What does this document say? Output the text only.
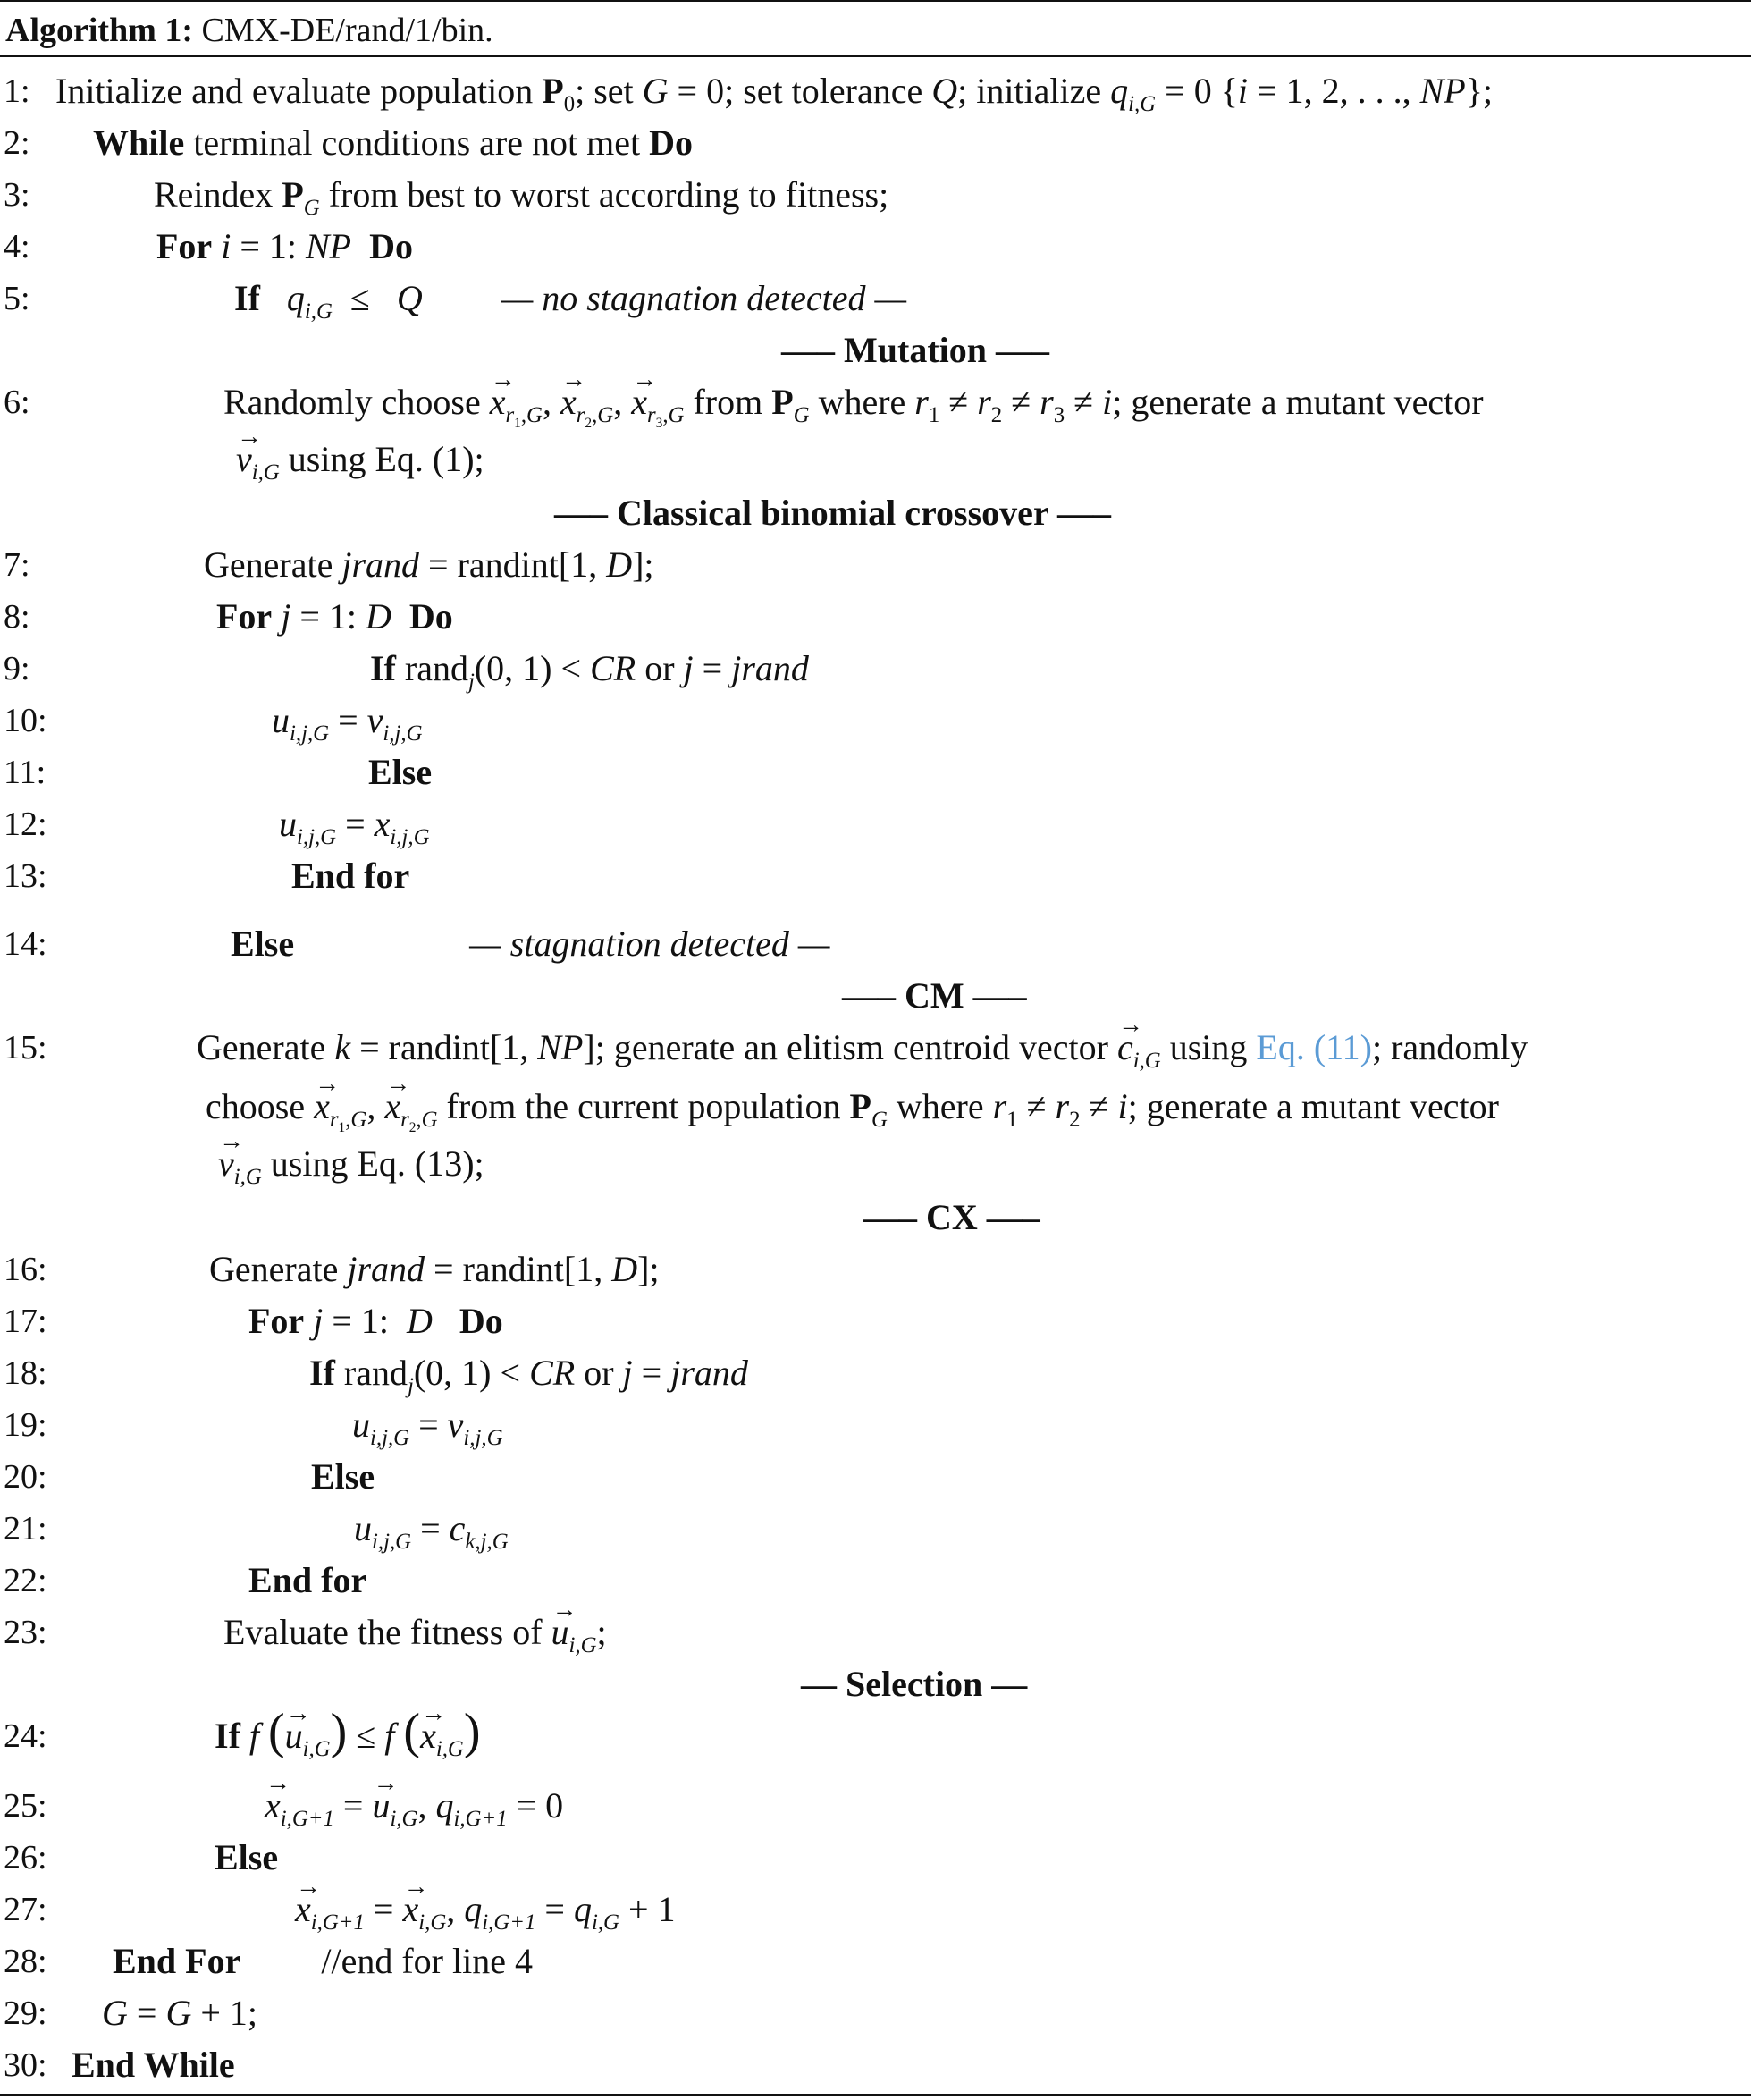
Algorithm 1: CMX-DE/rand/1/bin.
1:
2:
3:
4:
5:
6:
7:
8:
9:
10:
11:
12:
13:
14:
15:
16:
17:
18:
19:
20:
21:
22:
23:
24:
25:
26:
27:
28:
29:
30:
Initialize and evaluate population $P_0$; set G = 0; set tolerance Q; initialize $q_{i,G} = 0$ {i = 1, 2, . . ., NP};
While terminal conditions are not met Do
Reindex $P_G$ from best to worst according to fitness;
For i = 1: NP Do
If $q_{i,G} \le Q$ — no stagnation detected —
—– Mutation —–
Randomly choose → $x_{r_1,G}$, → $x_{r_2,G}$, → $x_{r_3,G}$ from $P_G$ where $r_1 \ne r_2 \ne r_3 \ne i$; generate a mutant vector
→ $v_{i,G}$ using Eq. (1);
—– Classical binomial crossover —–
Generate jrand = randint[1, D];
For j = 1: D Do
If rand$_j$(0, 1) < CR or j = jrand
$u_{i,j,G} = v_{i,j,G}$
Else
$u_{i,j,G} = x_{i,j,G}$
End for
Else	— stagnation detected —
—– CM —–
Generate k = randint[1, NP]; generate an elitism centroid vector → $c_{i,G}$ using Eq. (11); randomly
choose → $x_{r_1,G}$, → $x_{r_2,G}$ from the current population $P_G$ where $r_1 \ne r_2 \ne i$; generate a mutant vector
→ $v_{i,G}$ using Eq. (13);
—– CX —–
Generate jrand = randint[1, D];
For j = 1:  D Do
If rand$_j$(0, 1) < CR or j = jrand
$u_{i,j,G} = v_{i,j,G}$
Else
$u_{i,j,G} = c_{k,j,G}$
End for
Evaluate the fitness of → $u_{i,G}$;
— Selection —
If f (→ $u_{i,G}) \le f$ (→ $x_{i,G}$)
→ $x_{i,G+1}$ = → $u_{i,G}$, $q_{i,G+1} = 0$
Else
→ $x_{i,G+1}$ = → $x_{i,G}$, $q_{i,G+1} = q_{i,G} + 1$
End For //end for line 4
G = G + 1;
End While
